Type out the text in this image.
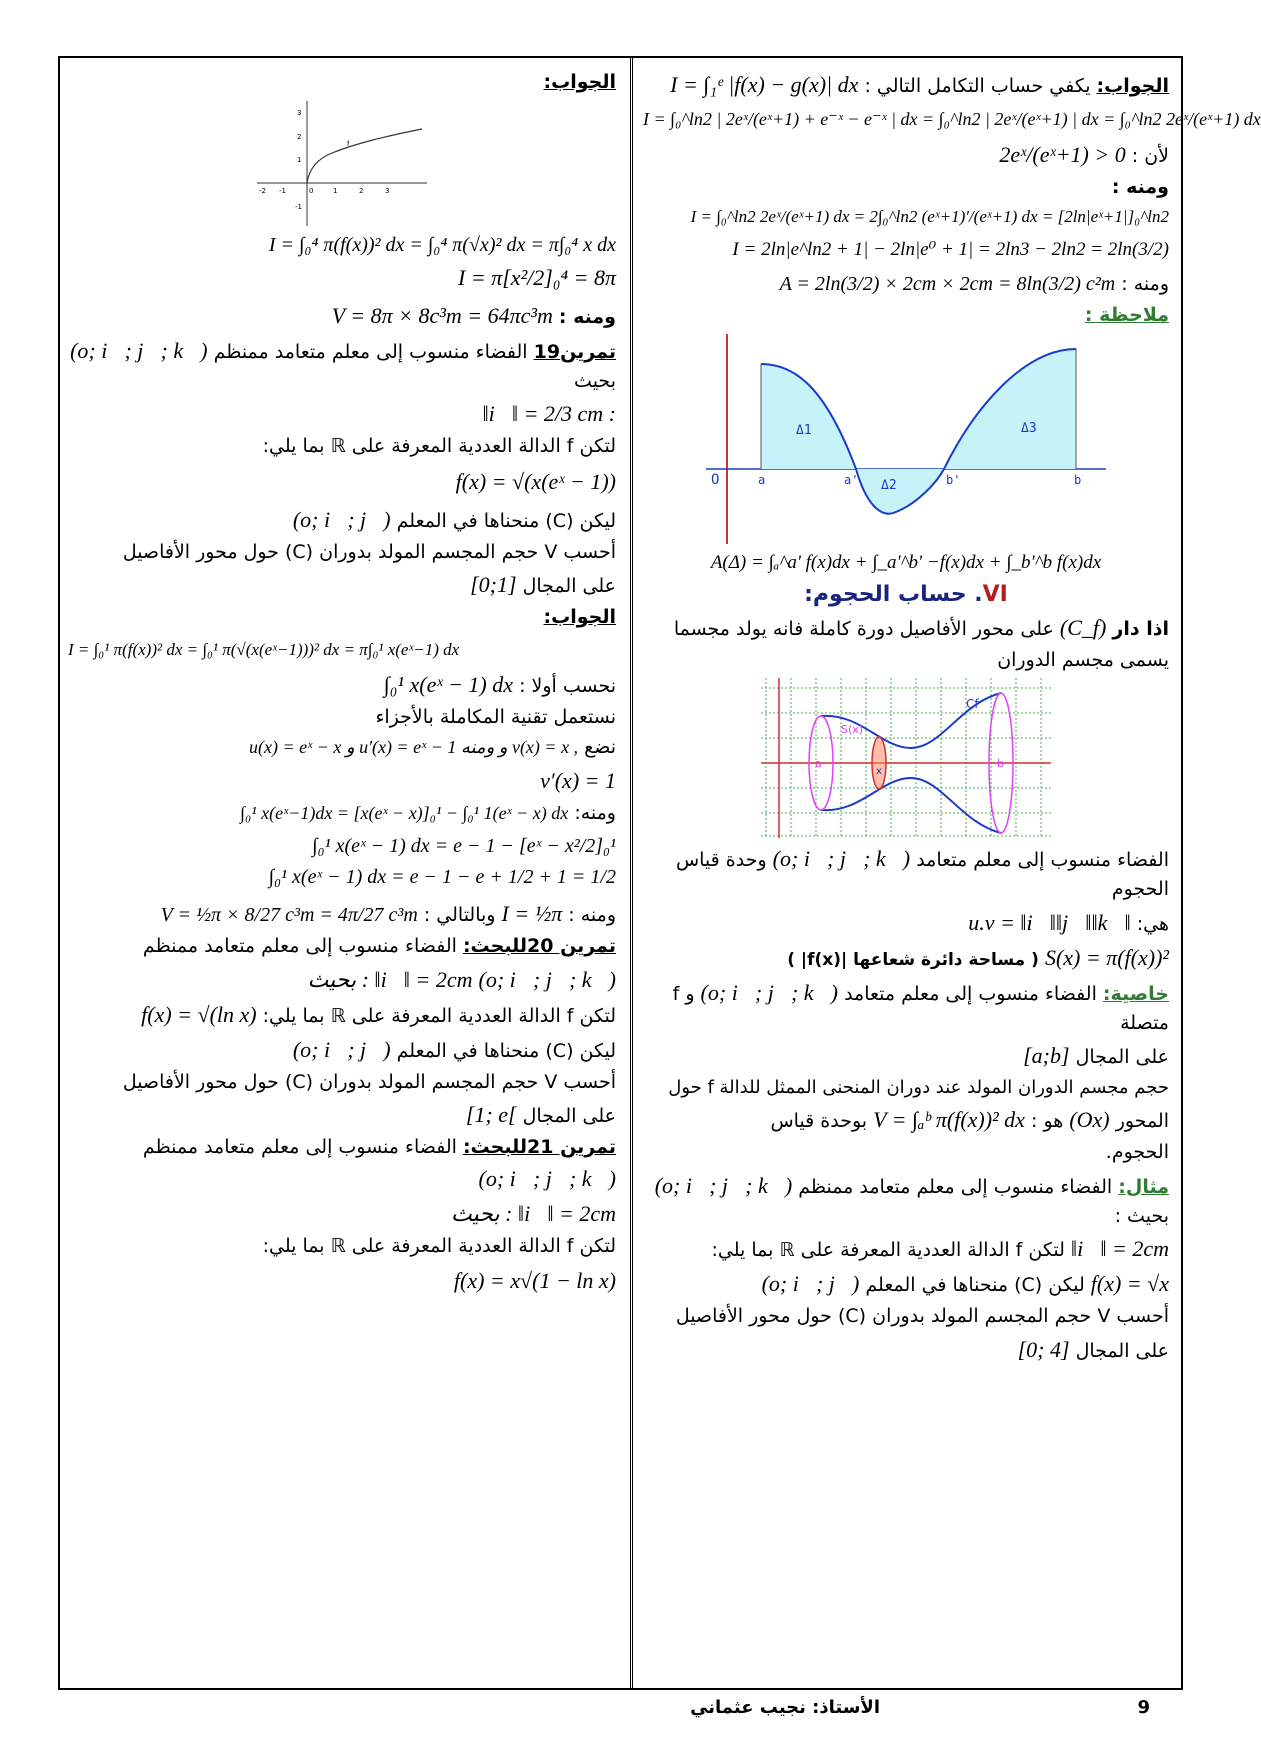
الجواب: يكفي حساب التكامل التالي : I = ∫₁ᵉ |f(x) − g(x)| dx
I = ∫₀^ln2 | 2eˣ/(eˣ+1) + e⁻ˣ − e⁻ˣ | dx = ∫₀^ln2 | 2eˣ/(eˣ+1) | dx = ∫₀^ln2 2eˣ/(eˣ+1) dx
لأن : 2eˣ/(eˣ+1) > 0
ومنه : I = ∫₀^ln2 2eˣ/(eˣ+1) dx = 2∫₀^ln2 (eˣ+1)′/(eˣ+1) dx = [2ln|eˣ+1|]₀^ln2
I = 2ln|e^ln2 + 1| − 2ln|e⁰ + 1| = 2ln3 − 2ln2 = 2ln(3/2)
ومنه : A = 2ln(3/2) × 2cm × 2cm = 8ln(3/2) c²m
ملاحظة :
O	a	a'	b'	b
Δ1
Δ2
Δ3
A(Δ) = ∫ₐ^a' f(x)dx + ∫_a'^b' −f(x)dx + ∫_b'^b f(x)dx
VI. حساب الحجوم:
اذا دار (C_f) على محور الأفاصيل دورة كاملة فانه يولد مجسما
يسمى مجسم الدوران
Cf
S(x)
a	b
x
الفضاء منسوب إلى معلم متعامد (o; i⃗; j⃗; k⃗) وحدة قياس الحجوم
هي: u.v = ‖i⃗‖‖j⃗‖‖k⃗‖
S(x) = π(f(x))² ( مساحة دائرة شعاعها |f(x)| )
خاصية: الفضاء منسوب إلى معلم متعامد (o; i⃗; j⃗; k⃗) و f متصلة
على المجال [a;b]
حجم مجسم الدوران المولد عند دوران المنحنى الممثل للدالة f حول
المحور (Ox) هو : V = ∫ₐᵇ π(f(x))² dx بوحدة قياس
الحجوم.
مثال: الفضاء منسوب إلى معلم متعامد ممنظم (o; i⃗; j⃗; k⃗) بحيث :
‖i⃗‖ = 2cm لتكن f الدالة العددية المعرفة على ℝ بما يلي:
f(x) = √x ليكن (C) منحناها في المعلم (o; i⃗; j⃗)
أحسب V حجم المجسم المولد بدوران (C) حول محور الأفاصيل
على المجال [0; 4]
الجواب:
3
2
1
-1
0	1	2	3
-1
-2
f
I = ∫₀⁴ π(f(x))² dx = ∫₀⁴ π(√x)² dx = π∫₀⁴ x dx
I = π[x²/2]₀⁴ = 8π
ومنه : V = 8π × 8c³m = 64πc³m
تمرين19 الفضاء منسوب إلى معلم متعامد ممنظم (o; i⃗; j⃗; k⃗) بحيث
‖i⃗‖ = 2/3 cm :
لتكن f الدالة العددية المعرفة على ℝ بما يلي:
f(x) = √(x(eˣ − 1))
ليكن (C) منحناها في المعلم (o; i⃗; j⃗)
أحسب V حجم المجسم المولد بدوران (C) حول محور الأفاصيل
على المجال [0;1]
الجواب:
I = ∫₀¹ π(f(x))² dx = ∫₀¹ π(√(x(eˣ−1)))² dx = π∫₀¹ x(eˣ−1) dx
نحسب أولا : ∫₀¹ x(eˣ − 1) dx
نستعمل تقنية المكاملة بالأجزاء
نضع u(x) = eˣ − x و u′(x) = eˣ − 1 و ومنه v(x) = x ,
v′(x) = 1
ومنه: ∫₀¹ x(eˣ−1)dx = [x(eˣ − x)]₀¹ − ∫₀¹ 1(eˣ − x) dx
∫₀¹ x(eˣ − 1) dx = e − 1 − [eˣ − x²/2]₀¹
∫₀¹ x(eˣ − 1) dx = e − 1 − e + 1/2 + 1 = 1/2
ومنه : I = ½π وبالتالي : V = ½π × 8/27 c³m = 4π/27 c³m
تمرين 20للبحث: الفضاء منسوب إلى معلم متعامد ممنظم
(o; i⃗; j⃗; k⃗) بحيث : ‖i⃗‖ = 2cm
لتكن f الدالة العددية المعرفة على ℝ بما يلي: f(x) = √(ln x)
ليكن (C) منحناها في المعلم (o; i⃗; j⃗)
أحسب V حجم المجسم المولد بدوران (C) حول محور الأفاصيل
على المجال [1; e[
تمرين 21للبحث: الفضاء منسوب إلى معلم متعامد ممنظم (o; i⃗; j⃗; k⃗)
بحيث : ‖i⃗‖ = 2cm
لتكن f الدالة العددية المعرفة على ℝ بما يلي:
f(x) = x√(1 − ln x)
9
الأستاذ: نجيب عثماني
